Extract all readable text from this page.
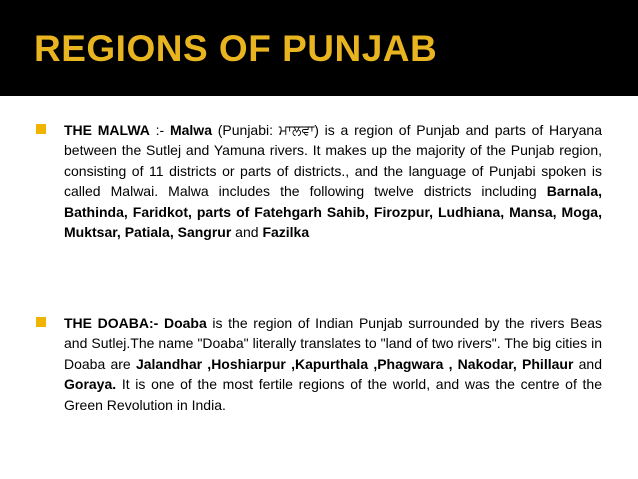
REGIONS OF PUNJAB

THE MALWA :- Malwa (Punjabi: ਮਾਲਵਾ) is a region of Punjab and parts of Haryana between the Sutlej and Yamuna rivers. It makes up the majority of the Punjab region, consisting of 11 districts or parts of districts., and the language of Punjabi spoken is called Malwai. Malwa includes the following twelve districts including Barnala, Bathinda, Faridkot, parts of Fatehgarh Sahib, Firozpur, Ludhiana, Mansa, Moga, Muktsar, Patiala, Sangrur and Fazilka

THE DOABA:- Doaba is the region of Indian Punjab surrounded by the rivers Beas and Sutlej.The name "Doaba" literally translates to "land of two rivers". The big cities in Doaba are Jalandhar ,Hoshiarpur ,Kapurthala ,Phagwara , Nakodar, Phillaur and Goraya. It is one of the most fertile regions of the world, and was the centre of the Green Revolution in India.
